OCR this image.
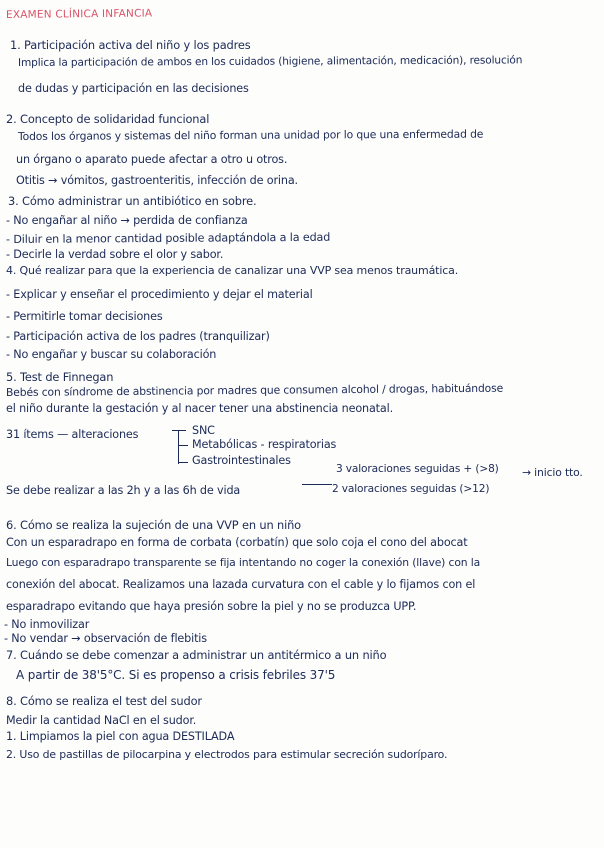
EXAMEN CLÍNICA INFANCIA
1. Participación activa del niño y los padres
Implica la participación de ambos en los cuidados (higiene, alimentación, medicación), resolución
de dudas y participación en las decisiones
2. Concepto de solidaridad funcional
Todos los órganos y sistemas del niño forman una unidad por lo que una enfermedad de
un órgano o aparato puede afectar a otro u otros.
Otitis → vómitos, gastroenteritis, infección de orina.
3. Cómo administrar un antibiótico en sobre.
- No engañar al niño → perdida de confianza
- Diluir en la menor cantidad posible adaptándola a la edad
- Decirle la verdad sobre el olor y sabor.
4. Qué realizar para que la experiencia de canalizar una VVP sea menos traumática.
- Explicar y enseñar el procedimiento y dejar el material
- Permitirle tomar decisiones
- Participación activa de los padres (tranquilizar)
- No engañar y buscar su colaboración
5. Test de Finnegan
Bebés con síndrome de abstinencia por madres que consumen alcohol / drogas, habituándose
el niño durante la gestación y al nacer tener una abstinencia neonatal.
31 ítems — alteraciones	SNC
Metabólicas - respiratorias
Gastrointestinales
Se debe realizar a las 2h y a las 6h de vida
3 valoraciones seguidas + (>8)
2 valoraciones seguidas (>12)
→ inicio tto.
6. Cómo se realiza la sujeción de una VVP en un niño
Con un esparadrapo en forma de corbata (corbatín) que solo coja el cono del abocat
Luego con esparadrapo transparente se fija intentando no coger la conexión (llave) con la
conexión del abocat. Realizamos una lazada curvatura con el cable y lo fijamos con el
esparadrapo evitando que haya presión sobre la piel y no se produzca UPP.
- No inmovilizar
- No vendar → observación de flebitis
7. Cuándo se debe comenzar a administrar un antitérmico a un niño
A partir de 38'5°C. Si es propenso a crisis febriles 37'5
8. Cómo se realiza el test del sudor
Medir la cantidad NaCl en el sudor.
1. Limpiamos la piel con agua DESTILADA
2. Uso de pastillas de pilocarpina y electrodos para estimular secreción sudoríparo.
